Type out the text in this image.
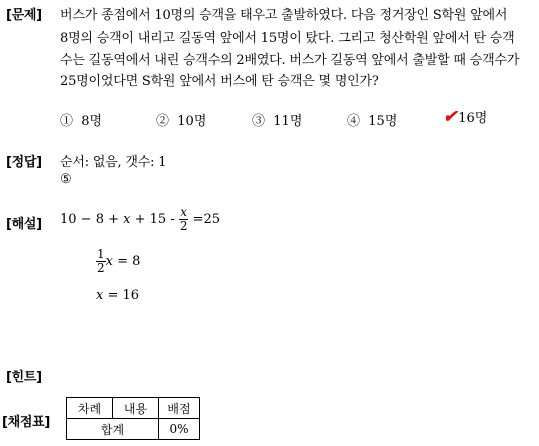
[문제]
[정답]
[해설]
[힌트]
[채점표]
버스가 종점에서 10명의 승객을 태우고 출발하였다. 다음 정거장인 S학원 앞에서
8명의 승객이 내리고 길동역 앞에서 15명이 탔다. 그리고 청산학원 앞에서 탄 승객
수는 길동역에서 내린 승객수의 2배였다. 버스가 길동역 앞에서 출발할 때 승객수가
25명이었다면 S학원 앞에서 버스에 탄 승객은 몇 명인가?
① 8명	② 10명	③ 11명	④ 15명	✔16명
순서: 없음, 갯수: 1
⑤
$10 - 8 + x + 15 - \frac{x}{2} =25$
$\frac{1}{2}$ x = 8
x = 16
차례	내용	배점
합계		0%
